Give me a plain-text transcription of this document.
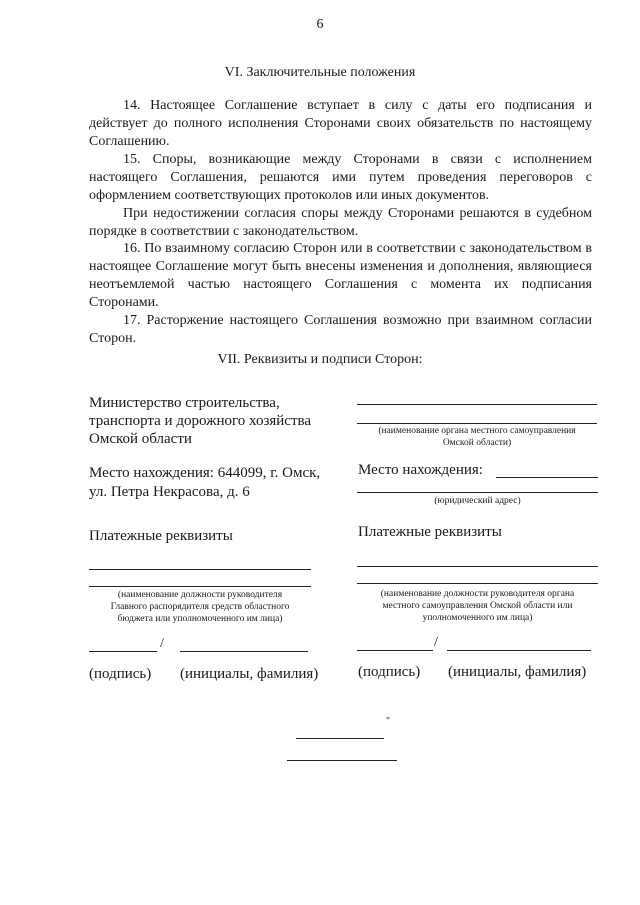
6
VI. Заключительные положения

14. Настоящее Соглашение вступает в силу с даты его подписания и действует до полного исполнения Сторонами своих обязательств по настоящему Соглашению.

15. Споры, возникающие между Сторонами в связи с исполнением настоящего Соглашения, решаются ими путем проведения переговоров с оформлением соответствующих протоколов или иных документов.

При недостижении согласия споры между Сторонами решаются в судебном порядке в соответствии с законодательством.

16. По взаимному согласию Сторон или в соответствии с законодательством в настоящее Соглашение могут быть внесены изменения и дополнения, являющиеся неотъемлемой частью настоящего Соглашения с момента их подписания Сторонами.

17. Расторжение настоящего Соглашения возможно при взаимном согласии Сторон.

VII. Реквизиты и подписи Сторон:
Министерство строительства,
транспорта и дорожного хозяйства
Омской области
Место нахождения: 644099, г. Омск,
ул. Петра Некрасова, д. 6
Платежные реквизиты
(наименование должности руководителя
Главного распорядителя средств областного
бюджета или уполномоченного им лица)
/
(подпись) (инициалы, фамилия)
(наименование органа местного самоуправления
Омской области)
Место нахождения:
(юридический адрес)
Платежные реквизиты
(наименование должности руководителя органа
местного самоуправления Омской области или
уполномоченного им лица)
/
(подпись) (инициалы, фамилия)
"
